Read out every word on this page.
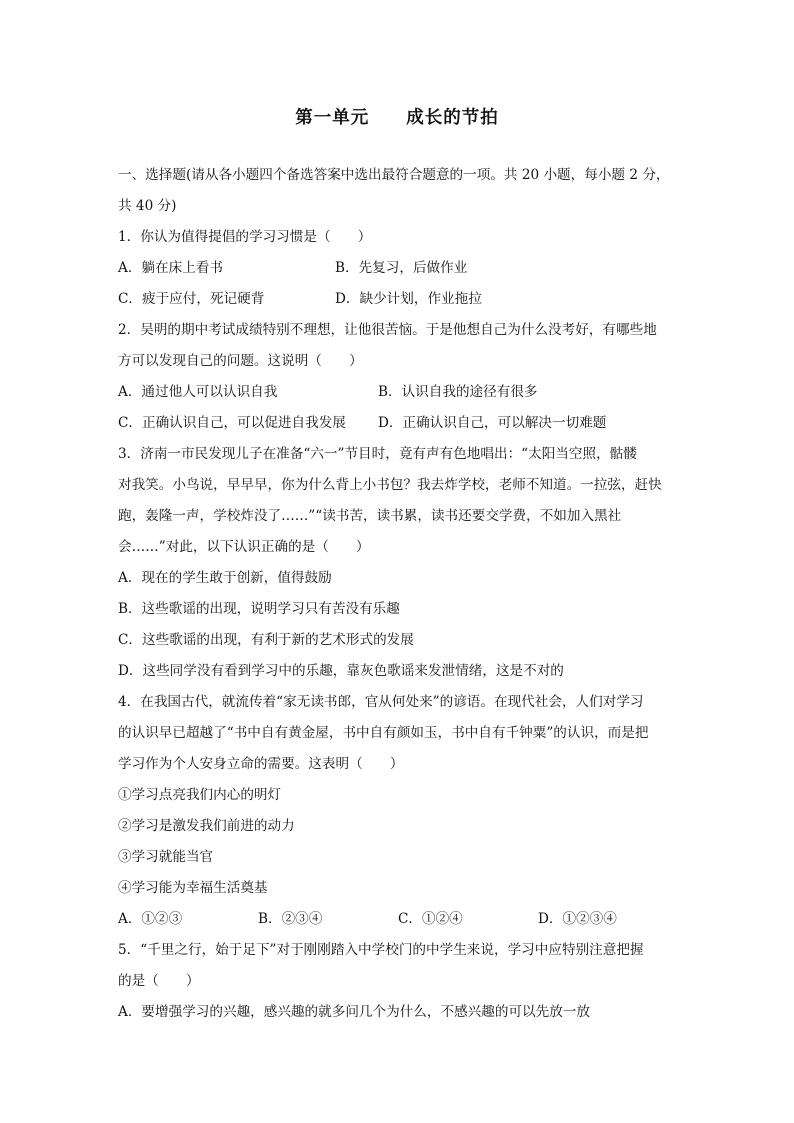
第一单元　　成长的节拍
一、选择题(请从各小题四个备选答案中选出最符合题意的一项。共 20 小题，每小题 2 分，
共 40 分)
1．你认为值得提倡的学习习惯是（　　）
A．躺在床上看书	B．先复习，后做作业
C．疲于应付，死记硬背	D．缺少计划，作业拖拉
2．吴明的期中考试成绩特别不理想，让他很苦恼。于是他想自己为什么没考好，有哪些地
方可以发现自己的问题。这说明（　　）
A．通过他人可以认识自我	B．认识自我的途径有很多
C．正确认识自己，可以促进自我发展	D．正确认识自己，可以解决一切难题
3．济南一市民发现儿子在准备“六一”节目时，竟有声有色地唱出：“太阳当空照，骷髅
对我笑。小鸟说，早早早，你为什么背上小书包？我去炸学校，老师不知道。一拉弦，赶快
跑，轰隆一声，学校炸没了……”“读书苦，读书累，读书还要交学费，不如加入黑社
会……”对此，以下认识正确的是（　　）
A．现在的学生敢于创新，值得鼓励
B．这些歌谣的出现，说明学习只有苦没有乐趣
C．这些歌谣的出现，有利于新的艺术形式的发展
D．这些同学没有看到学习中的乐趣，靠灰色歌谣来发泄情绪，这是不对的
4．在我国古代，就流传着“家无读书郎，官从何处来”的谚语。在现代社会，人们对学习
的认识早已超越了“书中自有黄金屋，书中自有颜如玉，书中自有千钟粟”的认识，而是把
学习作为个人安身立命的需要。这表明（　　）
①学习点亮我们内心的明灯
②学习是激发我们前进的动力
③学习就能当官
④学习能为幸福生活奠基
A．①②③	B．②③④	C．①②④	D．①②③④
5．“千里之行，始于足下”对于刚刚踏入中学校门的中学生来说，学习中应特别注意把握
的是（　　）
A．要增强学习的兴趣，感兴趣的就多问几个为什么，不感兴趣的可以先放一放
